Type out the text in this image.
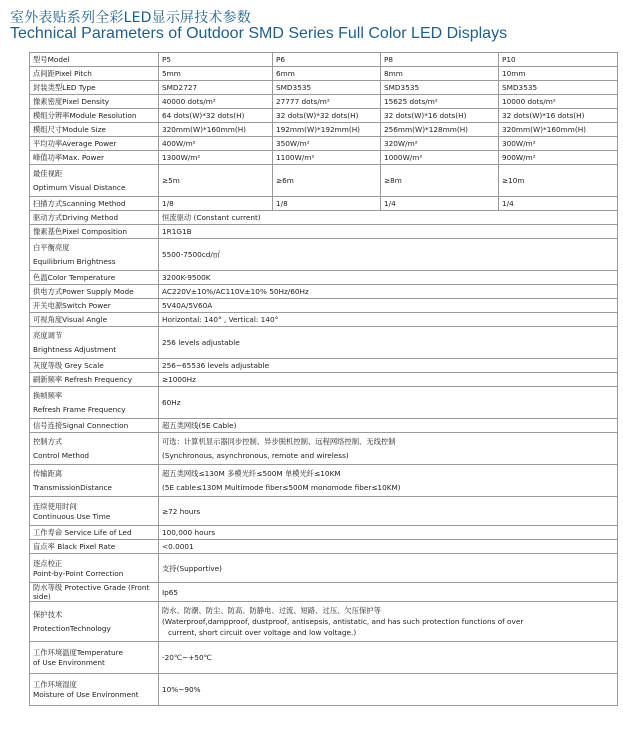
室外表贴系列全彩LED显示屏技术参数
Technical Parameters of Outdoor SMD Series Full Color LED Displays
型号Model	P5	P6	P8	P10
点间距Pixel Pitch	5mm	6mm	8mm	10mm
封装类型LED Type	SMD2727	SMD3535	SMD3535	SMD3535
像素密度Pixel Density	40000 dots/m²	27777 dots/m²	15625 dots/m²	10000 dots/m²
模组分辨率Module Resolution	64 dots(W)*32 dots(H)	32 dots(W)*32 dots(H)	32 dots(W)*16 dots(H)	32 dots(W)*16 dots(H)
模组尺寸Module Size	320mm(W)*160mm(H)	192mm(W)*192mm(H)	256mm(W)*128mm(H)	320mm(W)*160mm(H)
平均功率Average Power	400W/m²	350W/m²	320W/m²	300W/m²
峰值功率Max. Power	1300W/m²	1100W/m²	1000W/m²	900W/m²

最佳视距
Optimum Visual Distance	≥5m	≥6m	≥8m	≥10m
扫描方式Scanning Method	1/8	1/8	1/4	1/4
驱动方式Driving Method	恒流驱动 (Constant current)			
像素基色Pixel Composition	1R1G1B			

白平衡亮度
Equilibrium Brightness	5500-7500cd/㎡			
色温Color Temperature	3200K-9500K			
供电方式Power Supply Mode	AC220V±10%/AC110V±10% 50Hz/60Hz			
开关电源Switch Power	5V40A/5V60A			
可视角度Visual Angle	Horizontal: 140° , Vertical: 140°			

亮度调节
Brightness Adjustment	256 levels adjustable			
灰度等级 Grey Scale	256~65536 levels adjustable			
刷新频率 Refresh Frequency	≥1000Hz			

换帧频率
Refresh Frame Frequency	60Hz			
信号连接Signal Connection	超五类网线(5E Cable)			

控制方式
Control Method	可选：计算机显示器同步控制、异步脱机控制、远程网络控制、无线控制
(Synchronous, asynchronous, remote and wireless)			

传输距离
TransmissionDistance	超五类网线≤130M 多模光纤≤500M 单模光纤≤10KM
(5E cable≤130M Multimode fiber≤500M monomode fiber≤10KM)			

连续使用时间
Continuous Use Time	≥72 hours			
工作寿命 Service Life of Led	100,000 hours			
盲点率 Black Pixel Rate	<0.0001			

逐点校正
Point-by-Point Correction	支持(Supportive)			
防水等级 Protective Grade (Front side)	Ip65			

保护技术
ProtectionTechnology	防水、防潮、防尘、防高、防静电、过流、短路、过压、欠压保护等
(Waterproof,dampproof, dustproof, antisepsis, antistatic, and has such protection functions of over
current, short circuit over voltage and low voltage.)			

工作环境温度Temperature
of Use Environment	-20℃~+50℃			

工作环境湿度
Moisture of Use Environment	10%~90%			
